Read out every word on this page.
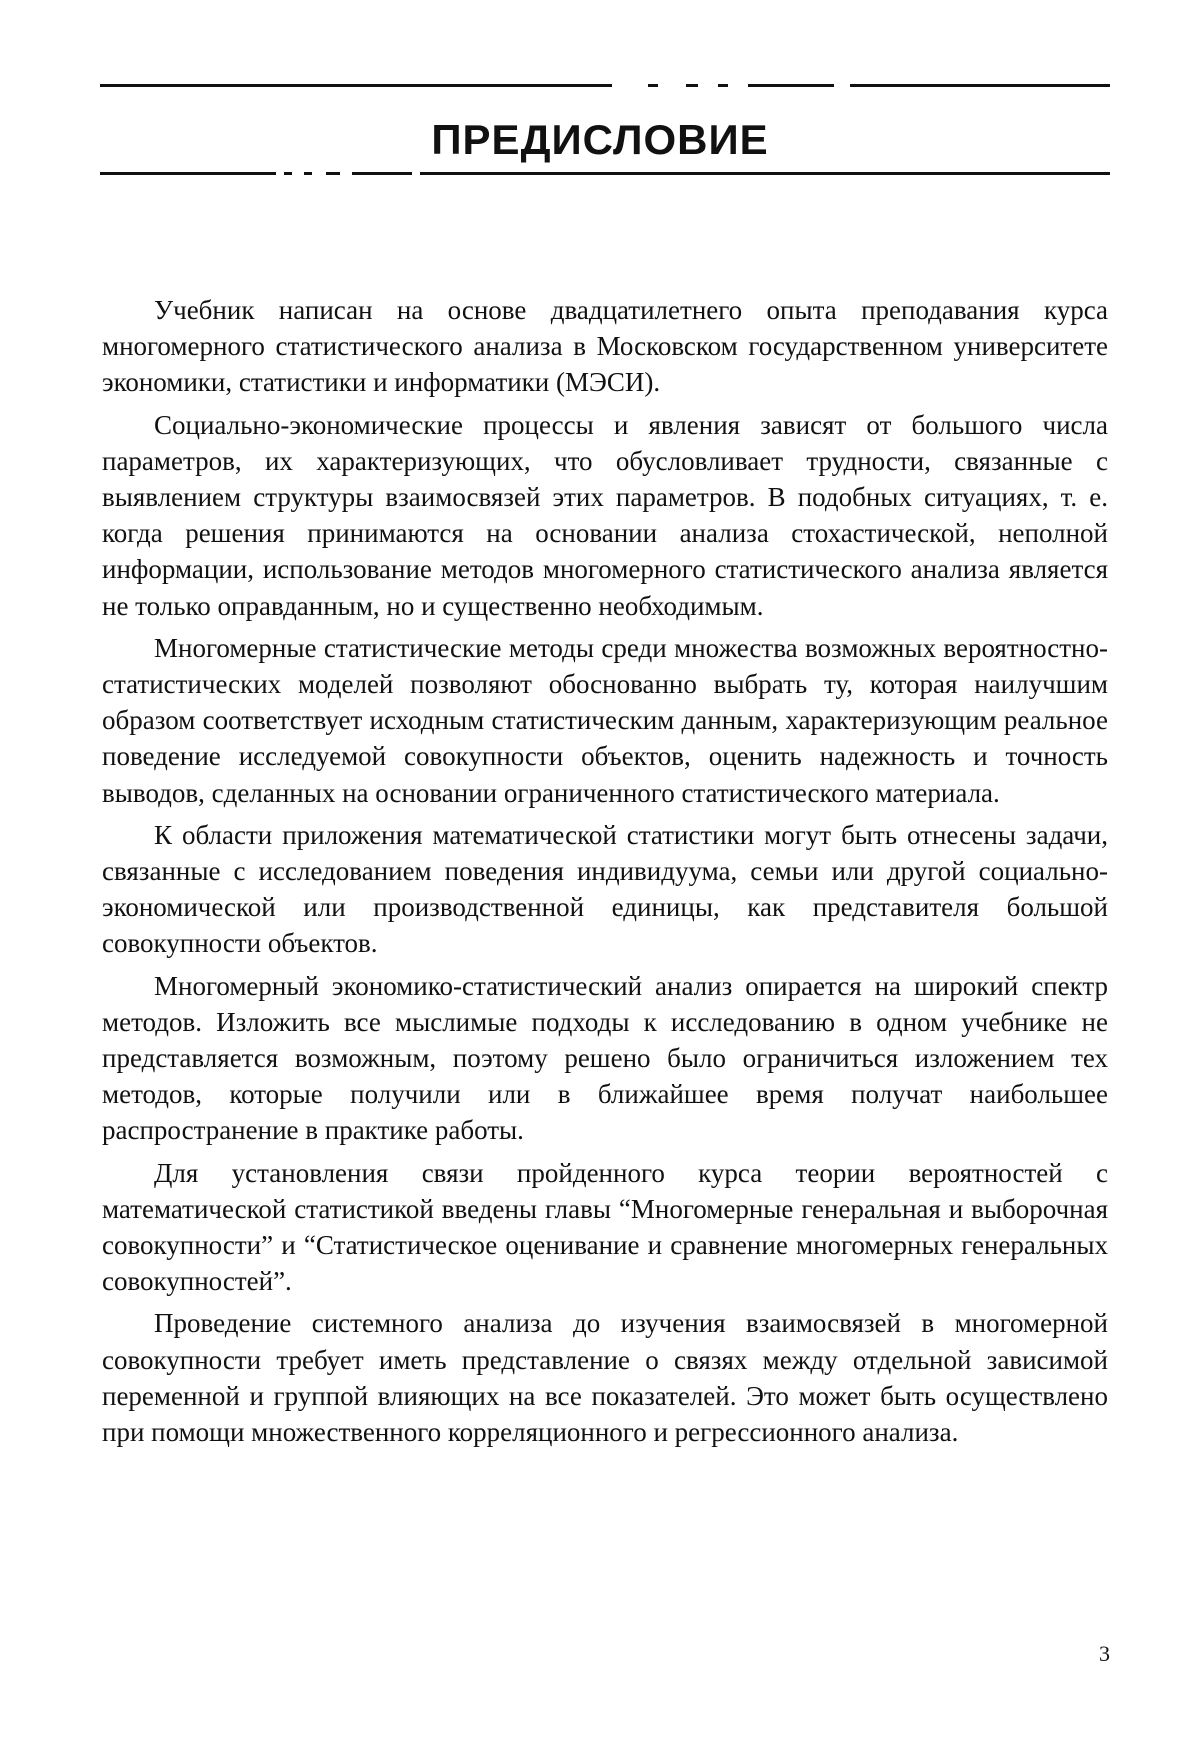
ПРЕДИСЛОВИЕ

Учебник написан на основе двадцатилетнего опыта преподавания курса многомерного статистического анализа в Московском государственном университете экономики, статистики и информатики (МЭСИ).

Социально-экономические процессы и явления зависят от большого числа параметров, их характеризующих, что обусловливает трудности, связанные с выявлением структуры взаимосвязей этих параметров. В подобных ситуациях, т. е. когда решения принимаются на основании анализа стохастической, неполной информации, использование методов многомерного статистического анализа является не только оправданным, но и существенно необходимым.

Многомерные статистические методы среди множества возможных вероятностно-статистических моделей позволяют обоснованно выбрать ту, которая наилучшим образом соответствует исходным статистическим данным, характеризующим реальное поведение исследуемой совокупности объектов, оценить надежность и точность выводов, сделанных на основании ограниченного статистического материала.

К области приложения математической статистики могут быть отнесены задачи, связанные с исследованием поведения индивидуума, семьи или другой социально-экономической или производственной единицы, как представителя большой совокупности объектов.

Многомерный экономико-статистический анализ опирается на широкий спектр методов. Изложить все мыслимые подходы к исследованию в одном учебнике не представляется возможным, поэтому решено было ограничиться изложением тех методов, которые получили или в ближайшее время получат наибольшее распространение в практике работы.

Для установления связи пройденного курса теории вероятностей с математической статистикой введены главы “Многомерные генеральная и выборочная совокупности” и “Статистическое оценивание и сравнение многомерных генеральных совокупностей”.

Проведение системного анализа до изучения взаимосвязей в многомерной совокупности требует иметь представление о связях между отдельной зависимой переменной и группой влияющих на все показателей. Это может быть осуществлено при помощи множественного корреляционного и регрессионного анализа.

3
